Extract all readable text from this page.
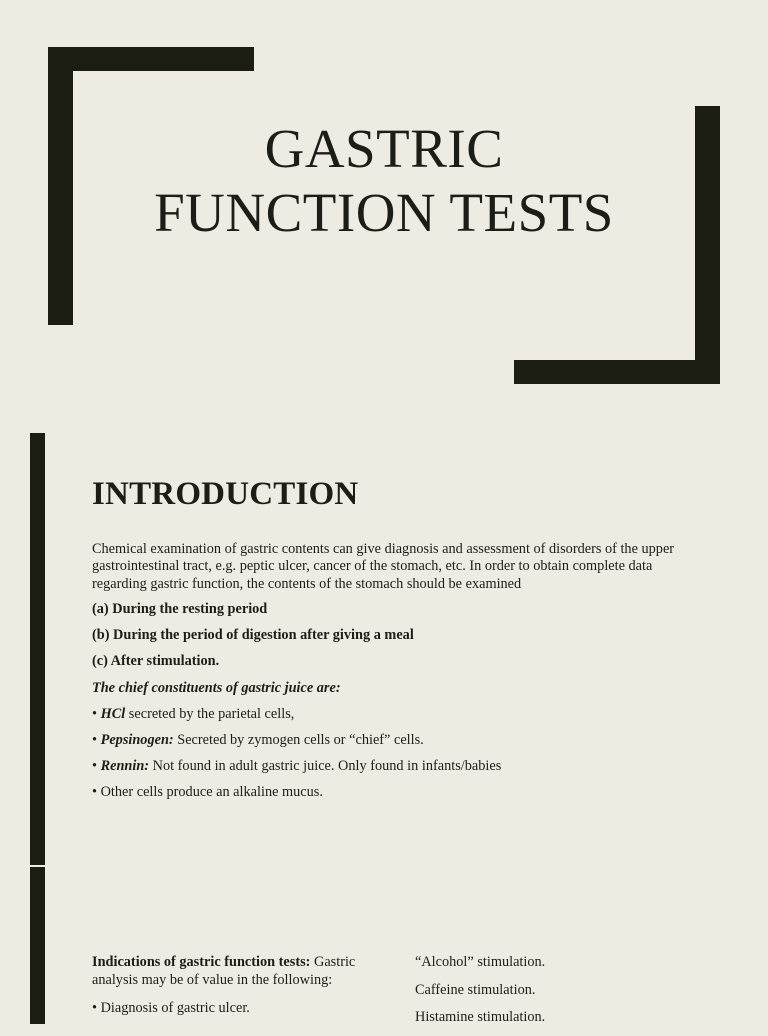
GASTRIC
FUNCTION TESTS
INTRODUCTION
Chemical examination of gastric contents can give diagnosis and assessment of disorders of the upper gastrointestinal tract, e.g. peptic ulcer, cancer of the stomach, etc. In order to obtain complete data regarding gastric function, the contents of the stomach should be examined
(a) During the resting period
(b) During the period of digestion after giving a meal
(c) After stimulation.
The chief constituents of gastric juice are:
• HCl secreted by the parietal cells,
• Pepsinogen: Secreted by zymogen cells or “chief” cells.
• Rennin: Not found in adult gastric juice. Only found in infants/babies
• Other cells produce an alkaline mucus.
Indications of gastric function tests: Gastric analysis may be of value in the following:
• Diagnosis of gastric ulcer.
“Alcohol” stimulation.
Caffeine stimulation.
Histamine stimulation.
